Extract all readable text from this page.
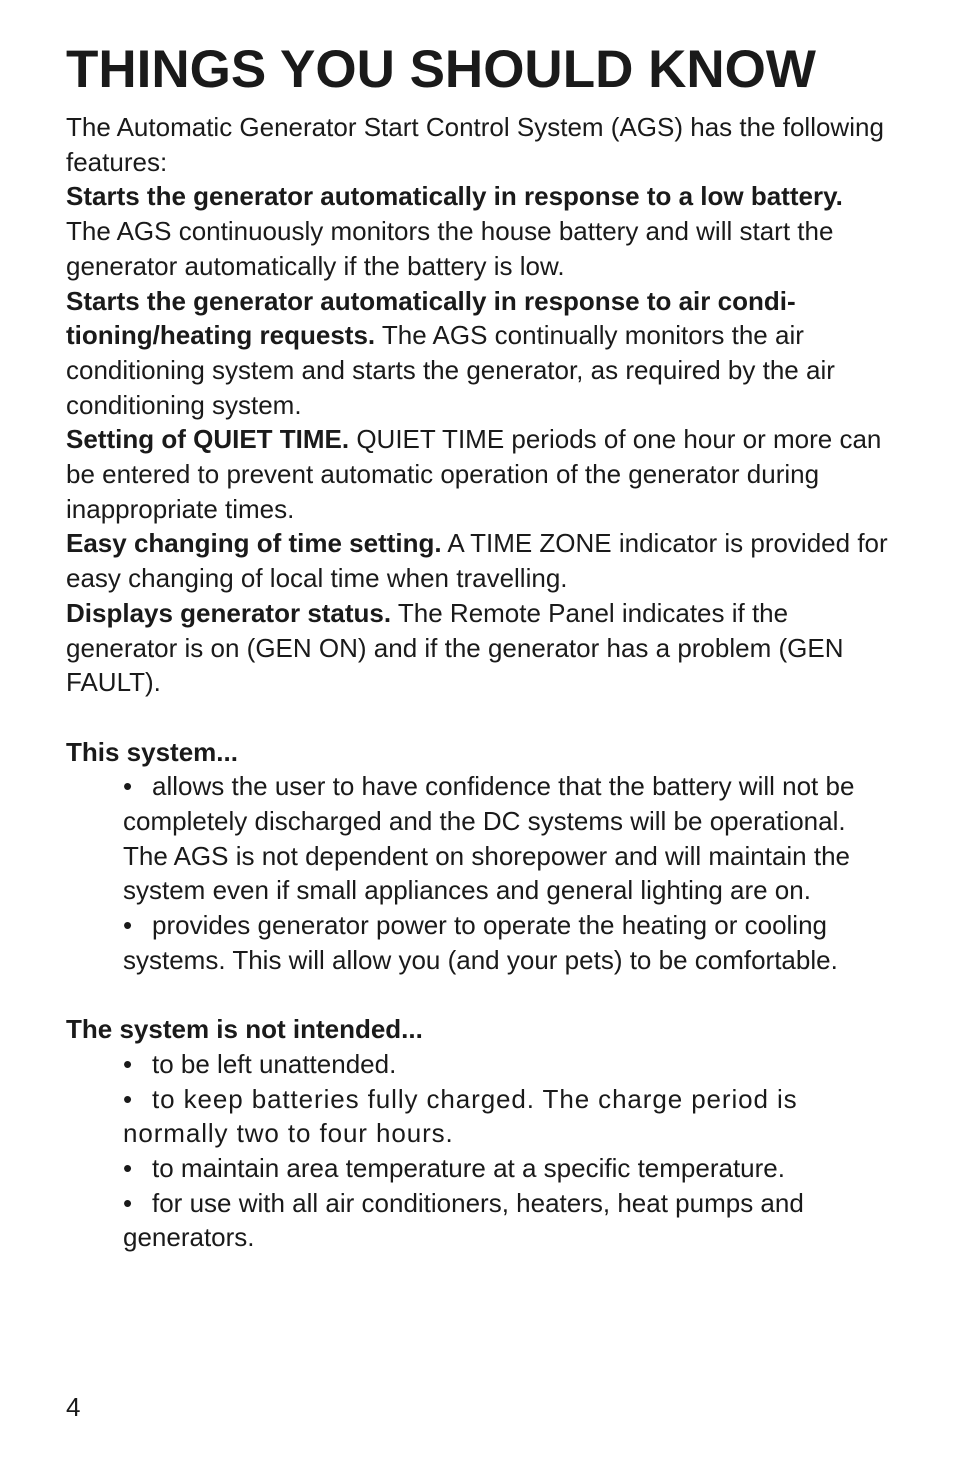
THINGS YOU SHOULD KNOW

The Automatic Generator Start Control System (AGS) has the following features:

Starts the generator automatically in response to a low battery.  The AGS continuously monitors the house battery and will start the generator automatically if the battery is low.

Starts the generator automatically in response to air conditioning/heating requests. The AGS continually monitors the air conditioning system and starts the generator, as required by the air conditioning system.

Setting of QUIET TIME. QUIET TIME periods of one hour or more can be entered to prevent automatic operation of the generator during inappropriate times.

Easy changing of time setting. A TIME ZONE indicator is provided for easy changing of local time when travelling.

Displays generator status. The Remote Panel indicates if the generator is on (GEN ON) and if the generator has a problem (GEN FAULT).

This system...

• allows the user to have confidence that the battery will not be completely discharged and the DC systems will be operational. The AGS is not dependent on shorepower and will maintain the system even if small appliances and general lighting are on.
• provides generator power to operate the heating or cooling systems. This will allow you (and your pets) to be comfortable.

The system is not intended...

• to be left unattended.
• to keep batteries fully charged. The charge period is normally two to four hours.
• to maintain area temperature at a specific temperature.
• for use with all air conditioners, heaters, heat pumps and generators.
4
